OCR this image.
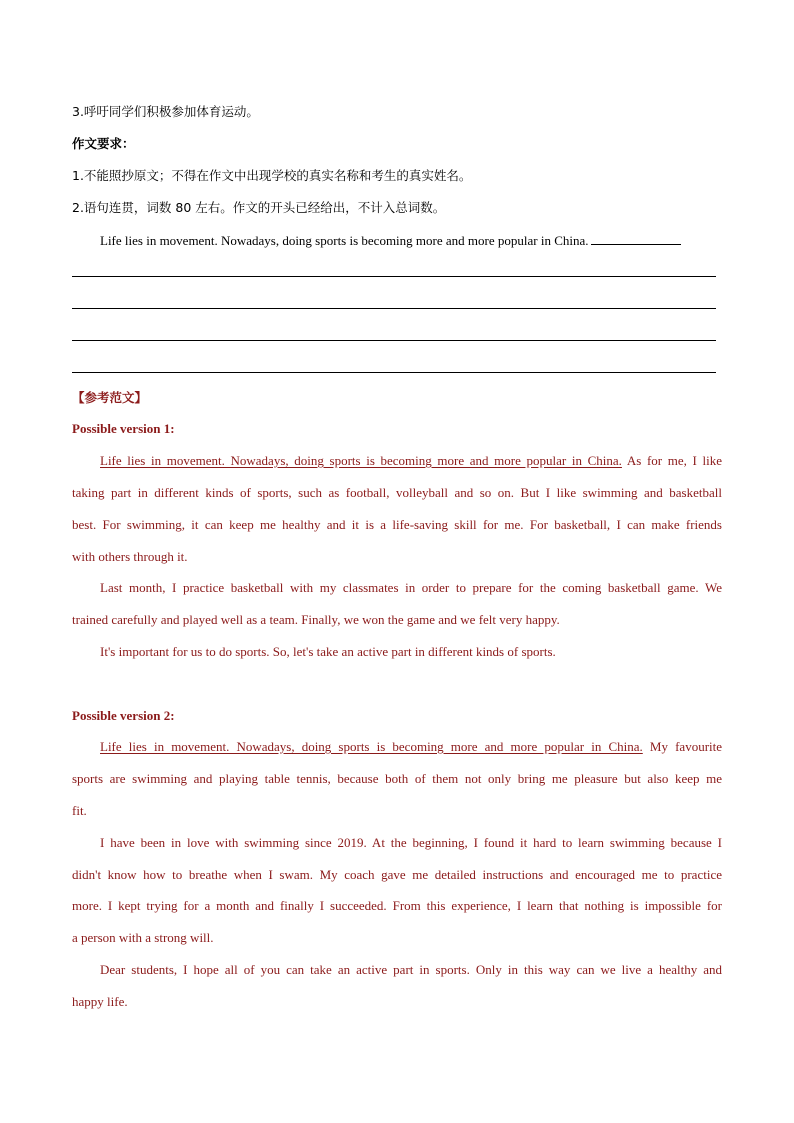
3.呼吁同学们积极参加体育运动。
作文要求：
1.不能照抄原文；不得在作文中出现学校的真实名称和考生的真实姓名。
2.语句连贯，词数 80 左右。作文的开头已经给出，不计入总词数。
Life lies in movement. Nowadays, doing sports is becoming more and more popular in China.
【参考范文】
Possible version 1:
Life lies in movement. Nowadays, doing sports is becoming more and more popular in China. As for me, I like
taking part in different kinds of sports, such as football, volleyball and so on. But I like swimming and basketball
best. For swimming, it can keep me healthy and it is a life-saving skill for me. For basketball, I can make friends
with others through it.
Last month, I practice basketball with my classmates in order to prepare for the coming basketball game. We
trained carefully and played well as a team. Finally, we won the game and we felt very happy.
It's important for us to do sports. So, let's take an active part in different kinds of sports.
Possible version 2:
Life lies in movement. Nowadays, doing sports is becoming more and more popular in China. My favourite
sports are swimming and playing table tennis, because both of them not only bring me pleasure but also keep me
fit.
I have been in love with swimming since 2019. At the beginning, I found it hard to learn swimming because I
didn't know how to breathe when I swam. My coach gave me detailed instructions and encouraged me to practice
more. I kept trying for a month and finally I succeeded. From this experience, I learn that nothing is impossible for
a person with a strong will.
Dear students, I hope all of you can take an active part in sports. Only in this way can we live a healthy and
happy life.
